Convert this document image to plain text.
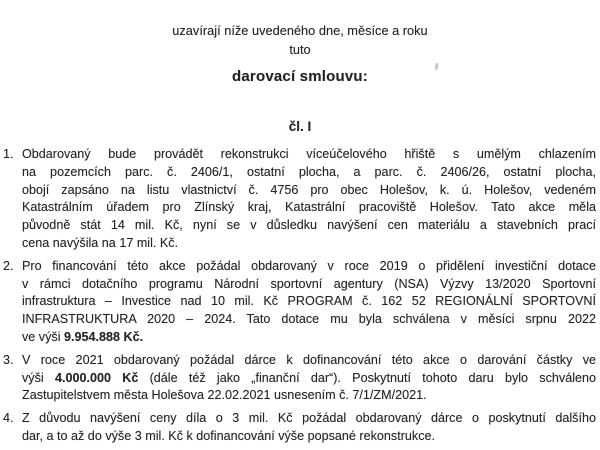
uzavírají níže uvedeného dne, měsíce a roku
tuto
darovací smlouvu:
čl. I
1. Obdarovaný bude provádět rekonstrukci víceúčelového hřiště s umělým chlazením
na pozemcích parc. č. 2406/1, ostatní plocha, a parc. č. 2406/26, ostatní plocha,
obojí zapsáno na listu vlastnictví č. 4756 pro obec Holešov, k. ú. Holešov, vedeném
Katastrálním úřadem pro Zlínský kraj, Katastrální pracoviště Holešov. Tato akce měla
původně stát 14 mil. Kč, nyní se v důsledku navýšení cen materiálu a stavebních prací
cena navýšila na 17 mil. Kč.
2. Pro financování této akce požádal obdarovaný v roce 2019 o přidělení investiční dotace
v rámci dotačního programu Národní sportovní agentury (NSA) Výzvy 13/2020 Sportovní
infrastruktura – Investice nad 10 mil. Kč PROGRAM č. 162 52 REGIONÁLNÍ SPORTOVNÍ
INFRASTRUKTURA 2020 – 2024. Tato dotace mu byla schválena v měsíci srpnu 2022
ve výši 9.954.888 Kč.
3. V roce 2021 obdarovaný požádal dárce k dofinancování této akce o darování částky ve
výši 4.000.000 Kč (dále též jako „finanční dar“). Poskytnutí tohoto daru bylo schváleno
Zastupitelstvem města Holešova 22.02.2021 usnesením č. 7/1/ZM/2021.
4. Z důvodu navýšení ceny díla o 3 mil. Kč požádal obdarovaný dárce o poskytnutí dalšího
dar, a to až do výše 3 mil. Kč k dofinancování výše popsané rekonstrukce.
